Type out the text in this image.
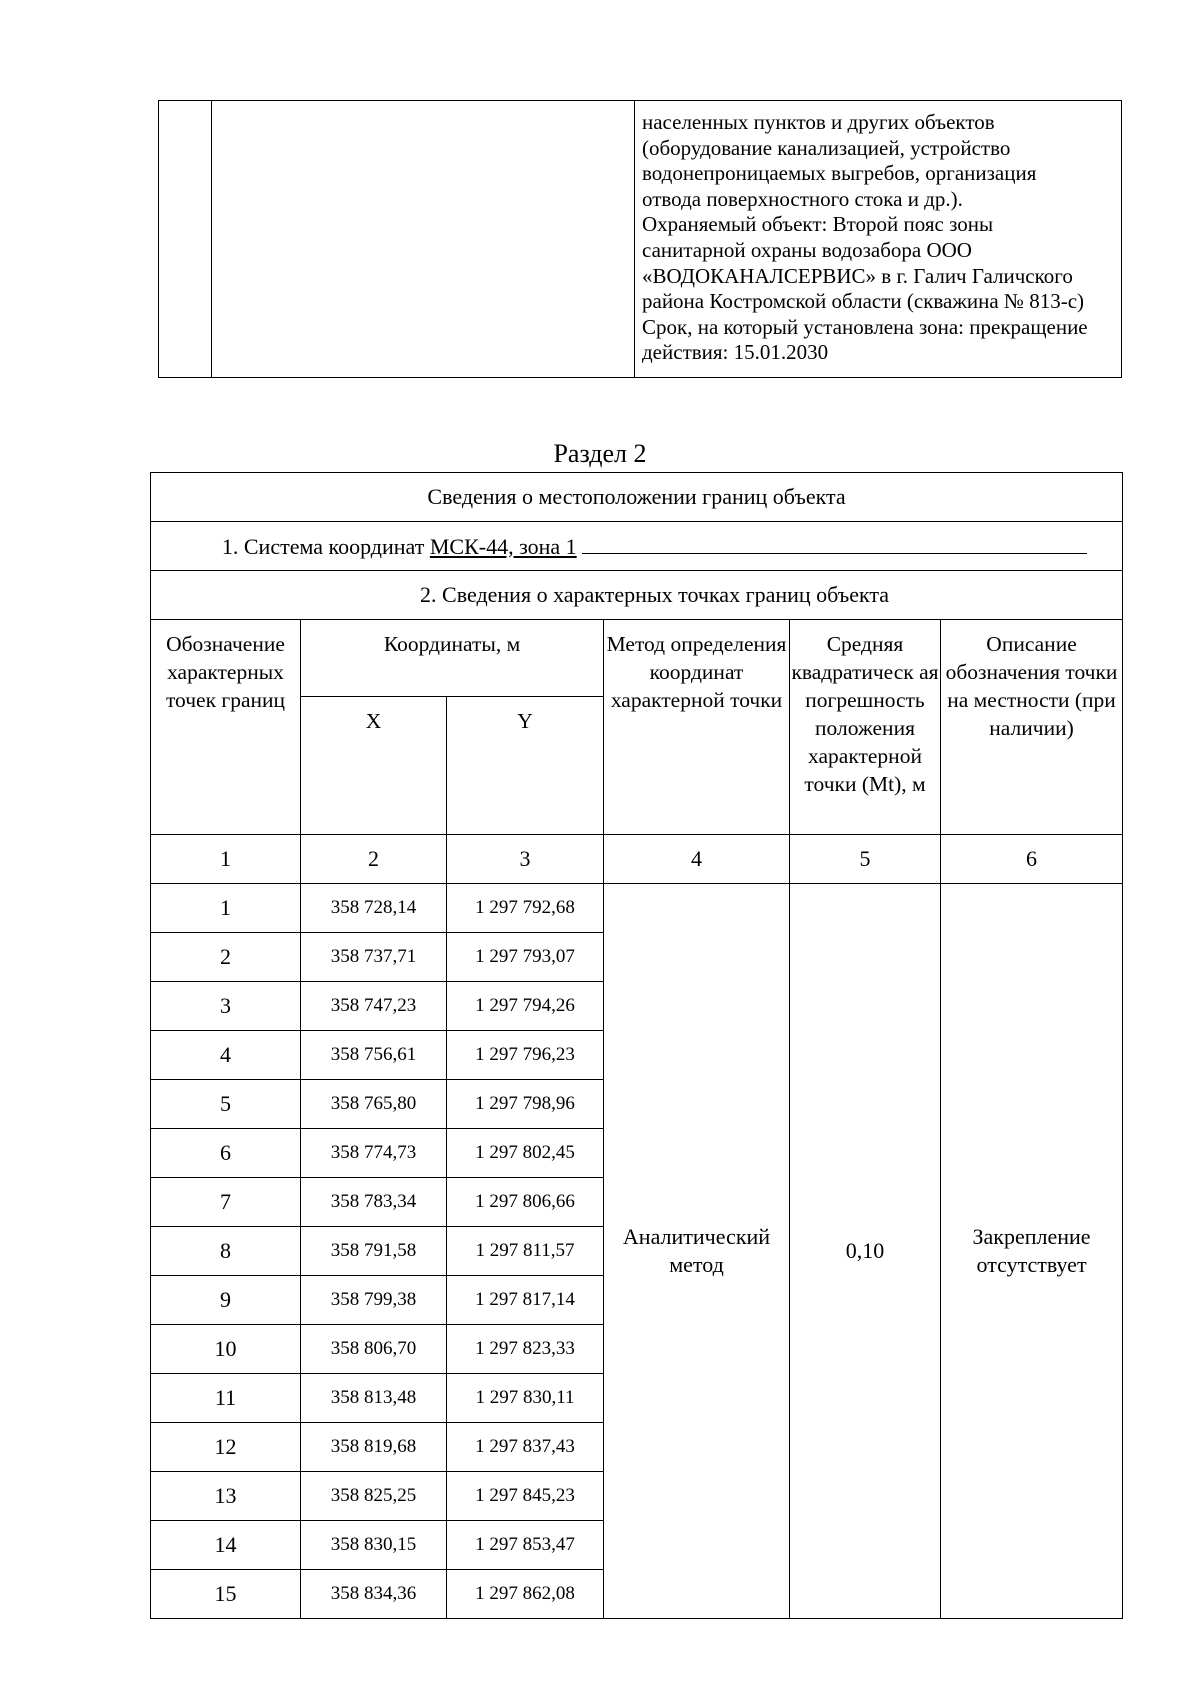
населенных пунктов и других объектов
(оборудование канализацией, устройство
водонепроницаемых выгребов, организация
отвода поверхностного стока и др.).
Охраняемый объект: Второй пояс зоны
санитарной охраны водозабора ООО
«ВОДОКАНАЛСЕРВИС» в г. Галич Галичского
района Костромской области (скважина № 813-с)
Срок, на который установлена зона: прекращение
действия: 15.01.2030
Раздел 2
Сведения о местоположении границ объекта					
1. Система координат МСК-44, зона 1					
2. Сведения о характерных точках границ объекта					

Обозначение характерных точек границ	Координаты, м		Метод определения координат характерной точки	Средняя квадратическ ая погрешность положения характерной точки (Mt), м	Описание обозначения точки на местности (при наличии)

	X	Y			

1	2	3	4	5	6
1	358 728,14	1 297 792,68	Аналитический метод	0,10	Закрепление отсутствует
2	358 737,71	1 297 793,07			
3	358 747,23	1 297 794,26			
4	358 756,61	1 297 796,23			
5	358 765,80	1 297 798,96			
6	358 774,73	1 297 802,45			
7	358 783,34	1 297 806,66			
8	358 791,58	1 297 811,57			
9	358 799,38	1 297 817,14			
10	358 806,70	1 297 823,33			
11	358 813,48	1 297 830,11			
12	358 819,68	1 297 837,43			
13	358 825,25	1 297 845,23			
14	358 830,15	1 297 853,47			
15	358 834,36	1 297 862,08			
